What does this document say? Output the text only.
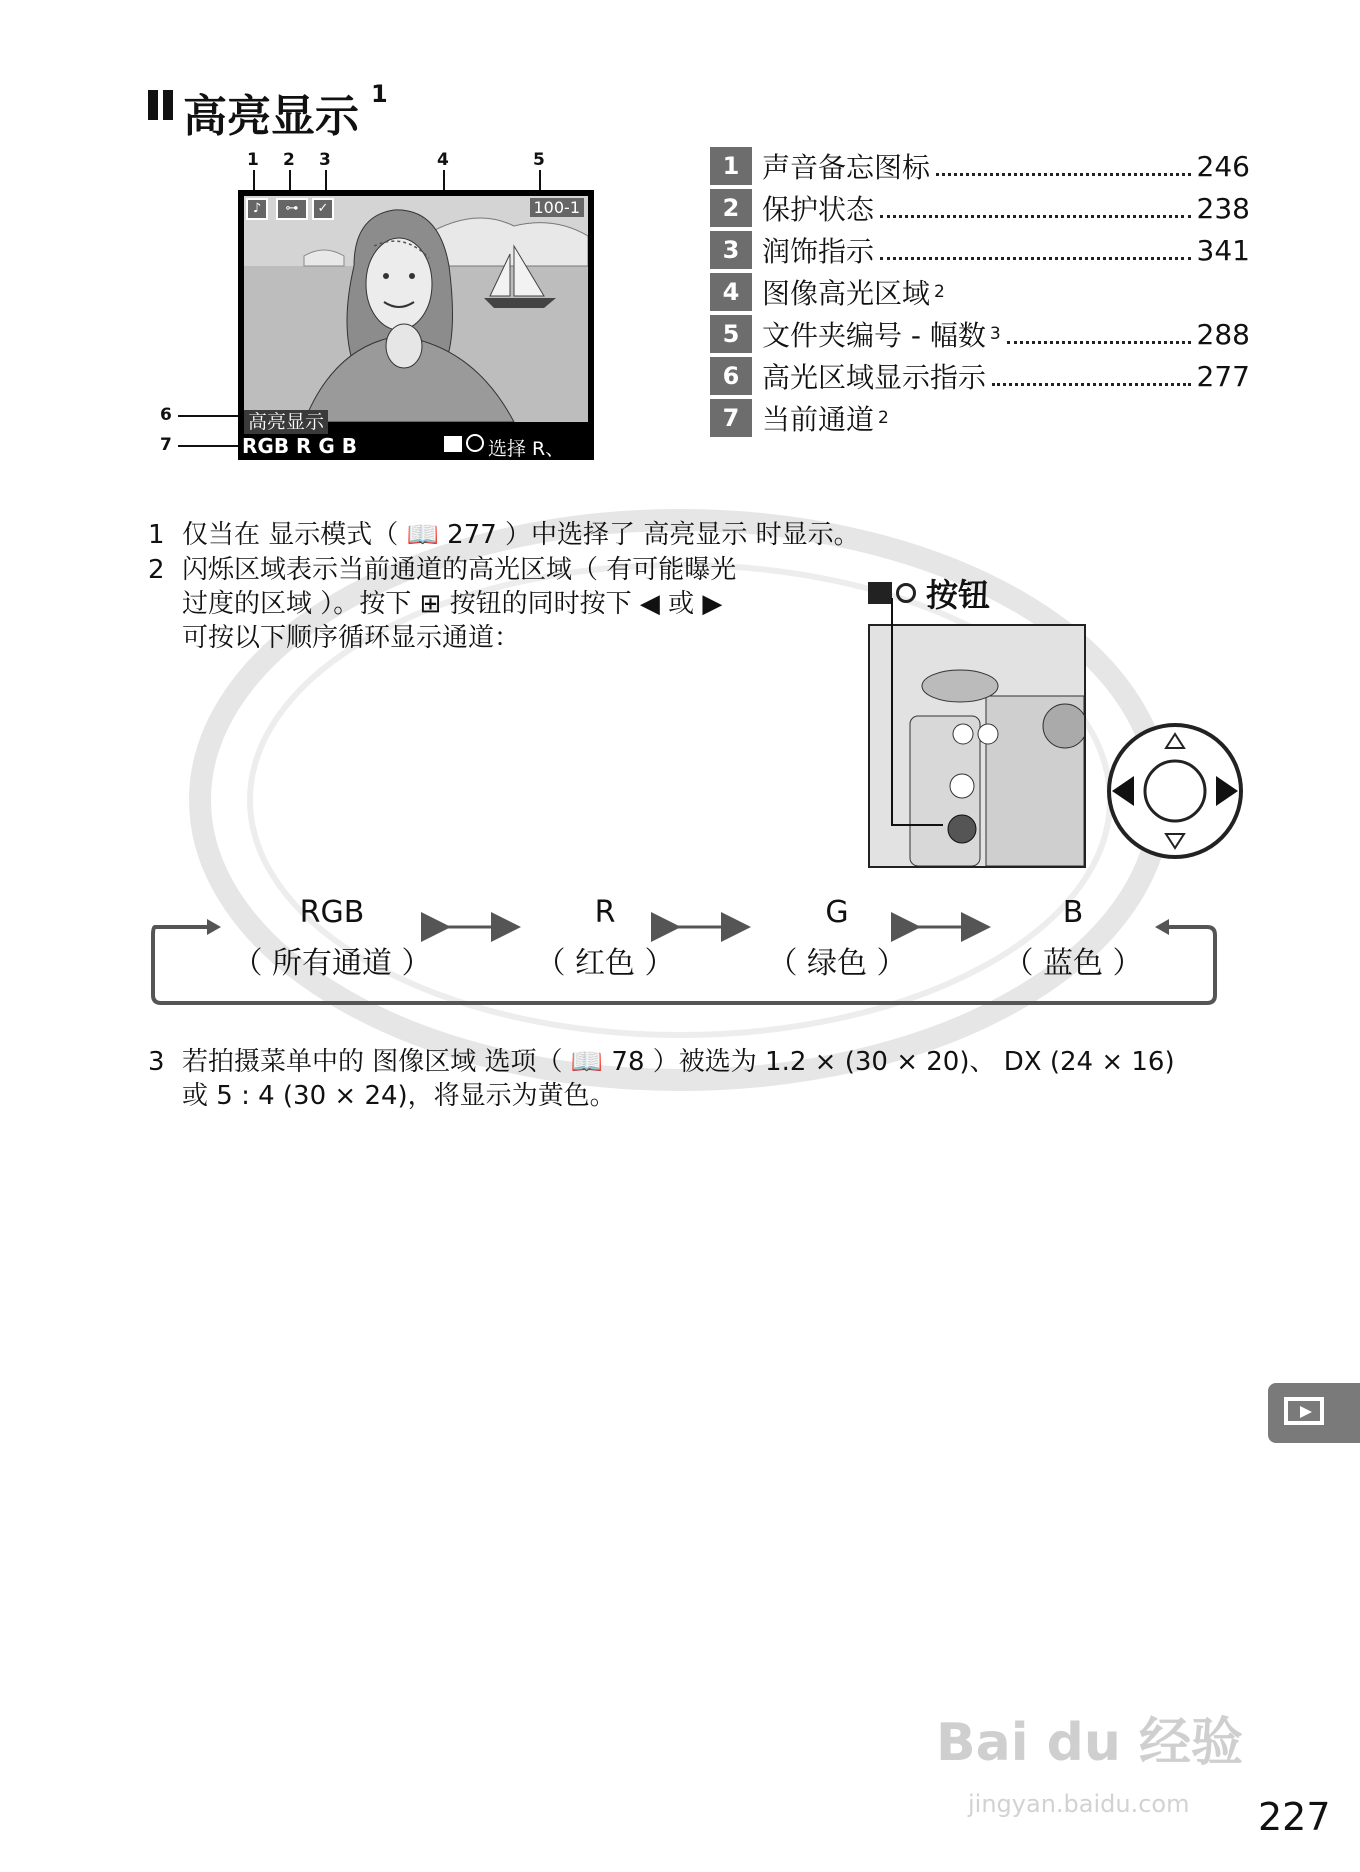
高亮显示 1
1 2 3	4	5
6
7
♪	⊶	✓	100-1
高亮显示
RGB R G B	选择 R、G、B
1 声音备忘图标	246
2 保护状态	238
3 润饰指示	341
4 图像高光区域 2
5 文件夹编号 - 幅数 3	288
6 高光区域显示指示	277
7 当前通道 2
1 仅当在 显示模式（ 📖 277 ）中选择了 高亮显示 时显示。
2 闪烁区域表示当前通道的高光区域（ 有可能曝光
过度的区域 ）。按下 ⊞ 按钮的同时按下 ◀ 或 ▶
可按以下顺序循环显示通道：
按钮
RGB
（ 所有通道 ）
R
（ 红色 ）
G
（ 绿色 ）
B
（ 蓝色 ）
3 若拍摄菜单中的 图像区域 选项（ 📖 78 ）被选为 1.2 × (30 × 20)、 DX (24 × 16)
或 5 : 4 (30 × 24)，将显示为黄色。
Bai du 经验
jingyan.baidu.com 227
